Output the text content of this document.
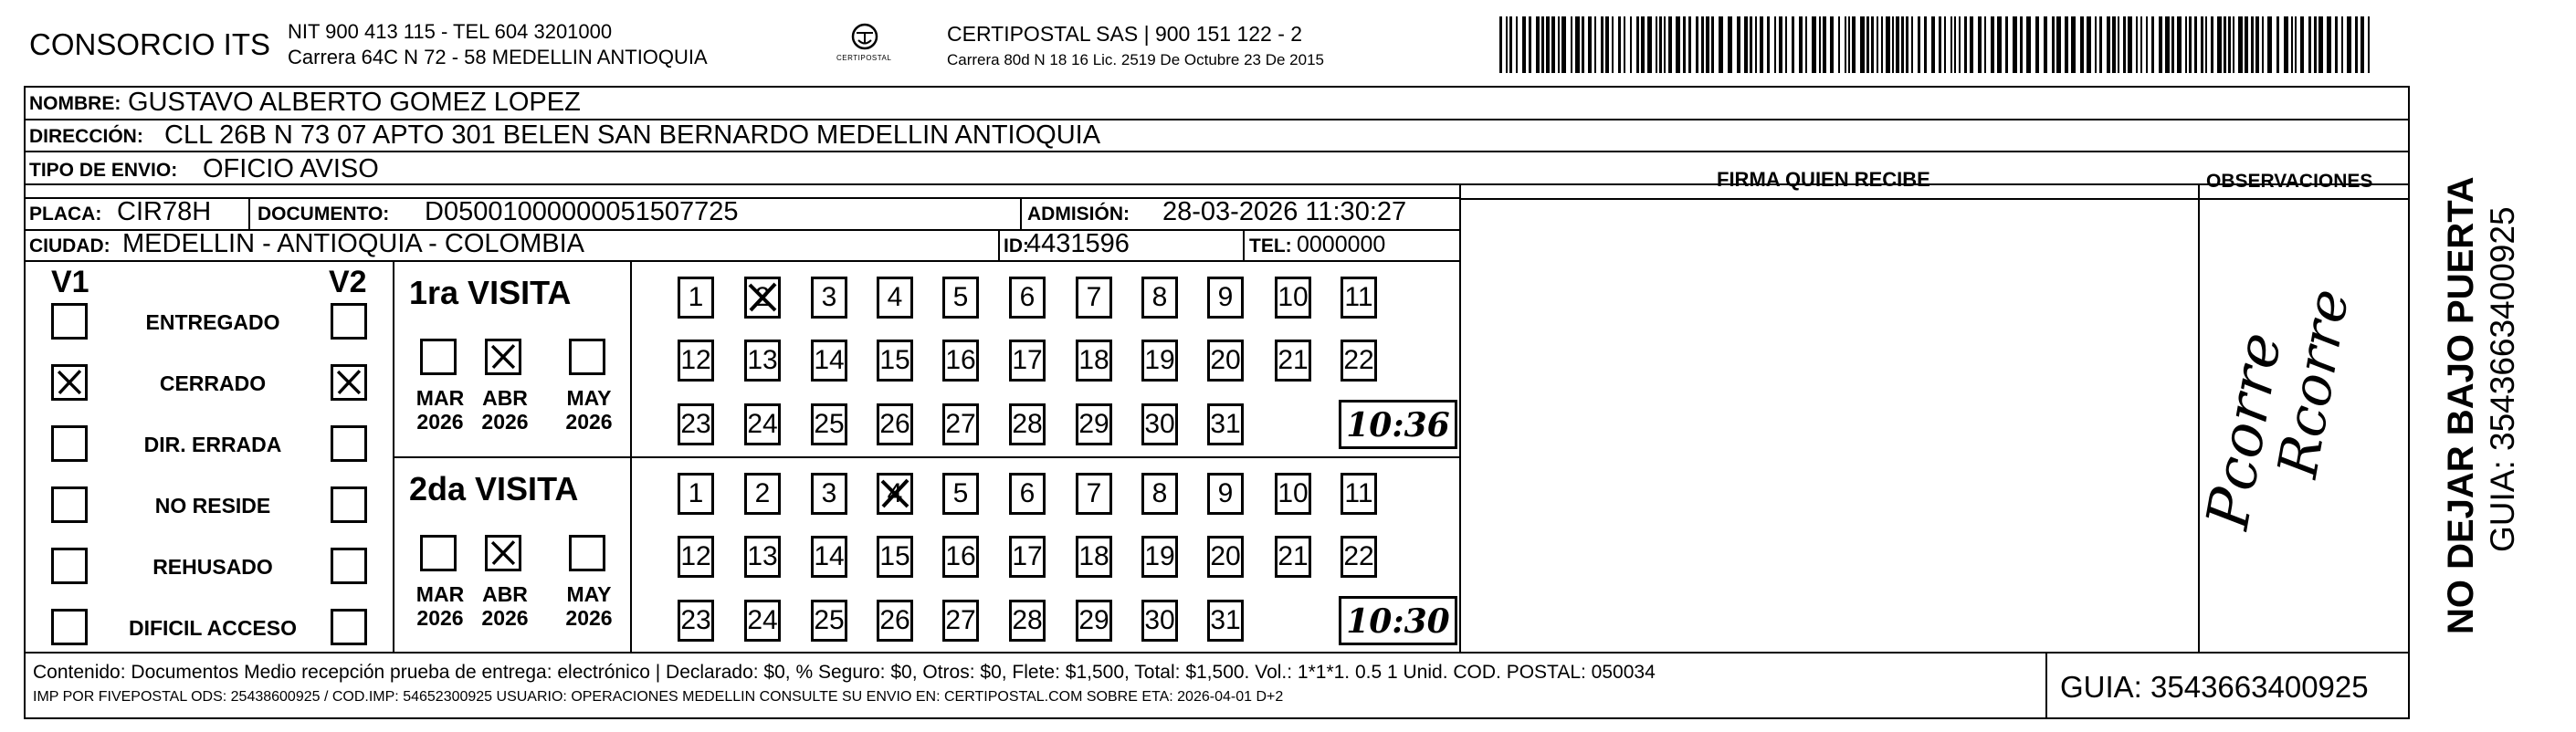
CONSORCIO ITS NIT 900 413 115 - TEL 604 3201000
Carrera 64C N 72 - 58 MEDELLIN ANTIOQUIA	CERTIPOSTAL
CERTIPOSTAL SAS | 900 151 122 - 2
Carrera 80d N 18 16 Lic. 2519 De Octubre 23 De 2015
NOMBRE: GUSTAVO ALBERTO GOMEZ LOPEZ
DIRECCIÓN: CLL 26B N 73 07 APTO 301 BELEN SAN BERNARDO MEDELLIN ANTIOQUIA
TIPO DE ENVIO: OFICIO AVISO
PLACA: CIR78H DOCUMENTO: D05001000000051507725	ADMISIÓN: 28-03-2026 11:30:27
CIUDAD: MEDELLIN - ANTIOQUIA - COLOMBIA	ID:
4431596	TEL: 0000000
FIRMA QUIEN RECIBE	OBSERVACIONES
V1	V2
ENTREGADO
CERRADO
DIR. ERRADA
NO RESIDE
REHUSADO
DIFICIL ACCESO
1ra VISITA
MAR
2026
ABR
2026
MAY
2026
1	2	3	4	5	6	7	8	9	10 11
12 13 14 15 16 17 18 19 20 21 22
23 24 25 26 27 28 29 30 31	10:36
2da VISITA
MAR
2026
ABR
2026
MAY
2026
1	2	3	4	5	6	7	8	9	10 11
12 13 14 15 16 17 18 19 20 21 22
23 24 25 26 27 28 29 30 31	10:30
Pcorre
Rcorre NO DEJAR BAJO PUERTA GUIA: 3543663400925
Contenido: Documentos Medio recepción prueba de entrega: electrónico | Declarado: $0, % Seguro: $0, Otros: $0, Flete: $1,500, Total: $1,500. Vol.: 1*1*1. 0.5 1 Unid. COD. POSTAL: 050034
IMP POR FIVEPOSTAL ODS: 25438600925 / COD.IMP: 54652300925 USUARIO: OPERACIONES MEDELLIN CONSULTE SU ENVIO EN: CERTIPOSTAL.COM SOBRE ETA: 2026-04-01 D+2	GUIA: 3543663400925
